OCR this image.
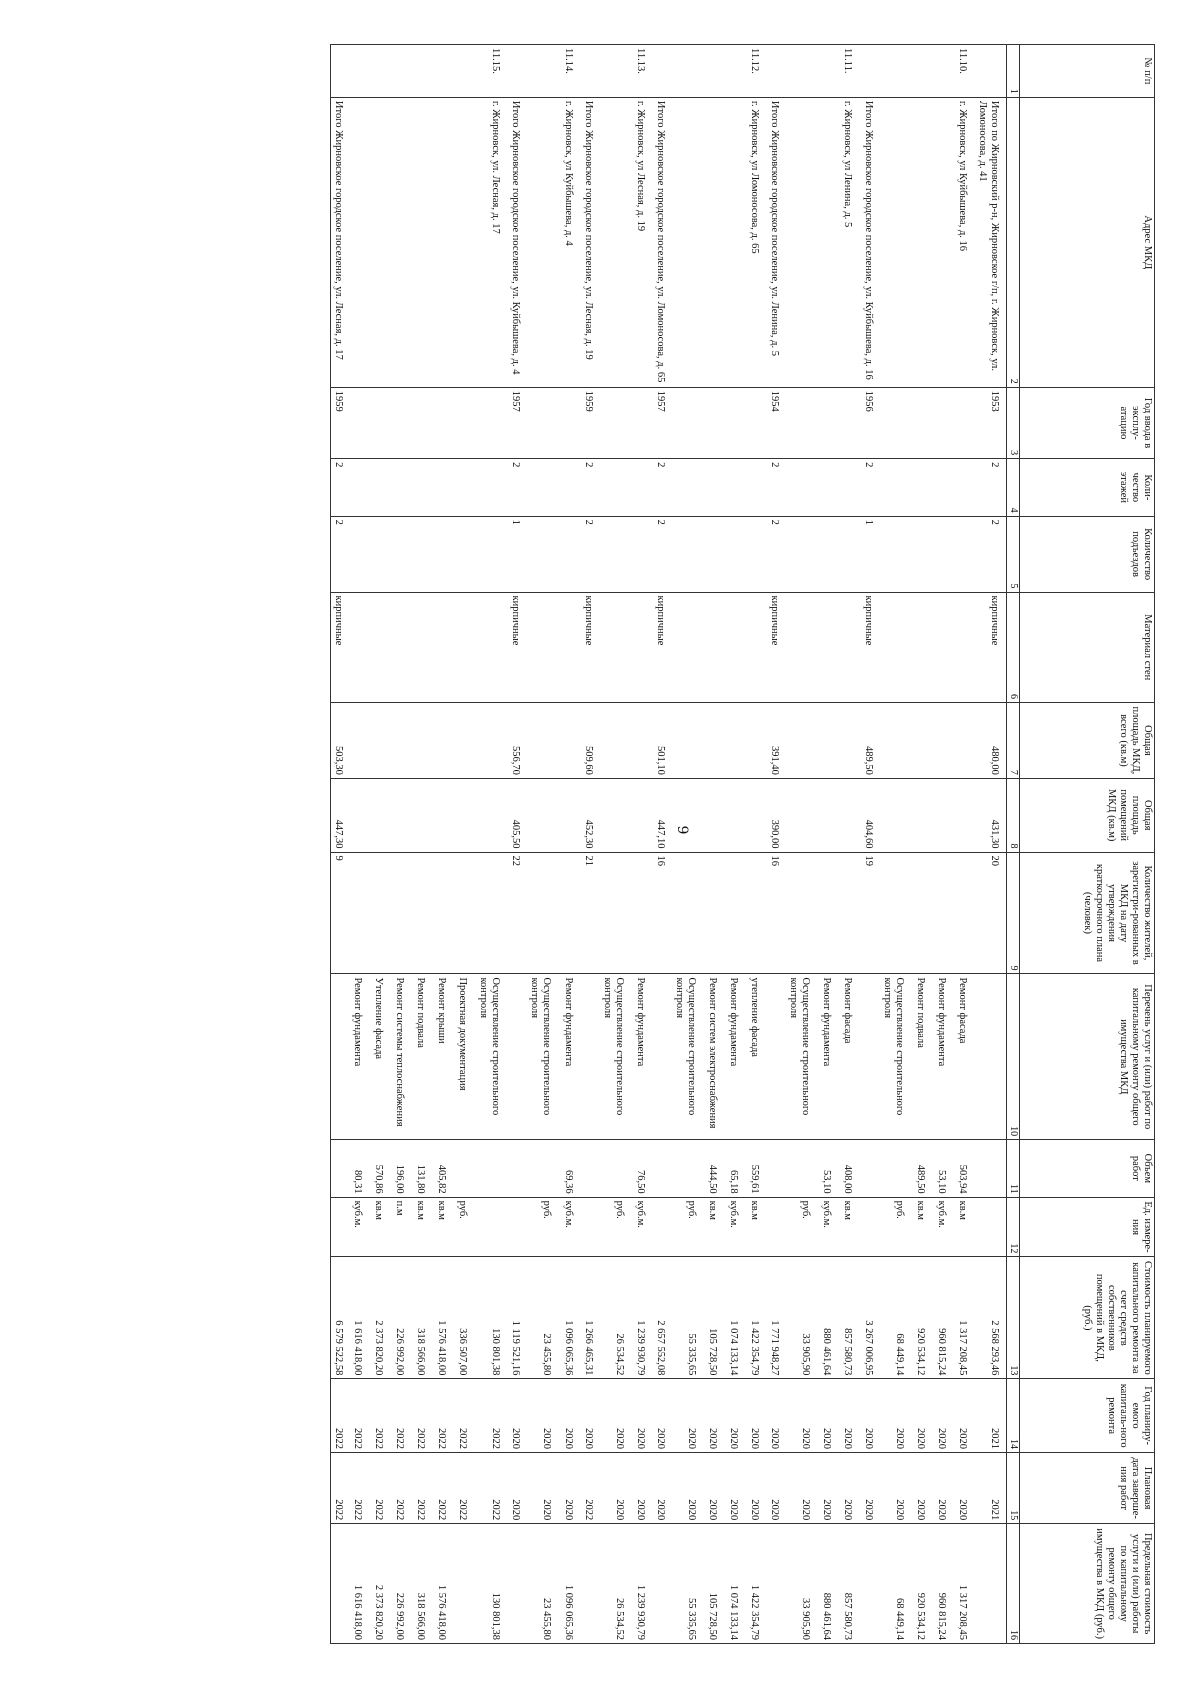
9
№ п/п	Адрес МКД	Год ввода в эксплу-атацию	Коли-чество этажей	Количество подъездов	Материал стен	Общая площадь МКД, всего (кв.м)	Общая площадь помещений МКД (кв.м)	Количество жителей, зарегистри-рованных в МКД на дату утверждения краткосрочного плана (человек)	Перечень услуг и (или) работ по капитальному ремонту общего имущества МКД	Объем работ	Ед. измере-ния	Стоимость планируемого капитального ремонта за счет средств собственников помещений в МКД, (руб.)	Год планиру-емого капиталь-ного ремонта	Плановая дата заверше-ния работ	Предельная стоимость услуги и (или) работы по капитальному ремонту общего имущества в МКД (руб.)
1	2	3	4	5	6	7	8	9	10	11	12	13	14	15	16
	Итого по Жирновский р-н, Жирновское г/п, г. Жирновск, ул. Ломоносова, д. 41	1953	2	2	кирпичные	480,00	431,30	20				2 568 293,46	2021	2021	
11.10.	г. Жирновск, ул Куйбышева, д. 16								Ремонт фасада	503,94	кв.м	1 317 208,45	2020	2020	1 317 208,45
									Ремонт фундамента	53,10	куб.м.	960 815,24	2020	2020	960 815,24
									Ремонт подвала	489,50	кв.м	920 534,12	2020	2020	920 534,12
									Осуществление строительного контроля		руб.	68 449,14	2020	2020	68 449,14
	Итого Жирновское городское поселение, ул. Куйбышева, д. 16	1956	2	1	кирпичные	489,50	404,60	19				3 267 006,95	2020	2020	
11.11.	г. Жирновск, ул Ленина, д. 5								Ремонт фасада	408,00	кв.м	857 580,73	2020	2020	857 580,73
									Ремонт фундамента	53,10	куб.м.	880 461,64	2020	2020	880 461,64
									Осуществление строительного контроля		руб.	33 905,90	2020	2020	33 905,90
	Итого Жирновское городское поселение, ул. Ленина, д. 5	1954	2	2	кирпичные	391,40	390,00	16				1 771 948,27	2020	2020	
11.12.	г. Жирновск, ул Ломоносова, д. 65								утепление фасада	559,61	кв.м	1 422 354,79	2020	2020	1 422 354,79
									Ремонт фундамента	65,18	куб.м.	1 074 133,14	2020	2020	1 074 133,14
									Ремонт систем электроснабжения	444,50	кв.м	105 728,50	2020	2020	105 728,50
									Осуществление строительного контроля		руб.	55 335,65	2020	2020	55 335,65
	Итого Жирновское городское поселение, ул. Ломоносова, д. 65	1957	2	2	кирпичные	501,10	447,10	16				2 657 552,08	2020	2020	
11.13.	г. Жирновск, ул Лесная, д. 19								Ремонт фундамента	76,50	куб.м.	1 239 930,79	2020	2020	1 239 930,79
									Осуществление строительного контроля		руб.	26 534,52	2020	2020	26 534,52
	Итого Жирновское городское поселение, ул. Лесная, д. 19	1959	2	2	кирпичные	509,60	452,30	21				1 266 465,31	2020	2022	
11.14.	г. Жирновск, ул Куйбышева, д. 4								Ремонт фундамента	69,36	куб.м.	1 096 065,36	2020	2020	1 096 065,36
									Осуществление строительного контроля		руб.	23 455,80	2020	2020	23 455,80
	Итого Жирновское городское поселение, ул. Куйбышева, д. 4	1957	2	1	кирпичные	556,70	405,50	22				1 119 521,16	2020	2020	
11.15.	г. Жирновск, ул. Лесная, д. 17								Осуществление строительного контроля			130 801,38	2022	2022	130 801,38
									Проектная документация		руб.	336 507,00	2022	2022	
									Ремонт крыши	405,82	кв.м	1 576 418,00	2022	2022	1 576 418,00
									Ремонт подвала	131,80	кв.м	318 566,00	2022	2022	318 566,00
									Ремонт системы теплоснабжения	196,00	п.м	226 992,00	2022	2022	226 992,00
									Утепление фасада	570,86	кв.м	2 373 820,20	2022	2022	2 373 820,20
									Ремонт фундамента	80,31	куб.м.	1 616 418,00	2022	2022	1 616 418,00
	Итого Жирновское городское поселение, ул. Лесная, д. 17	1959	2	2	кирпичные	503,30	447,30	9				6 579 522,58	2022	2022	
